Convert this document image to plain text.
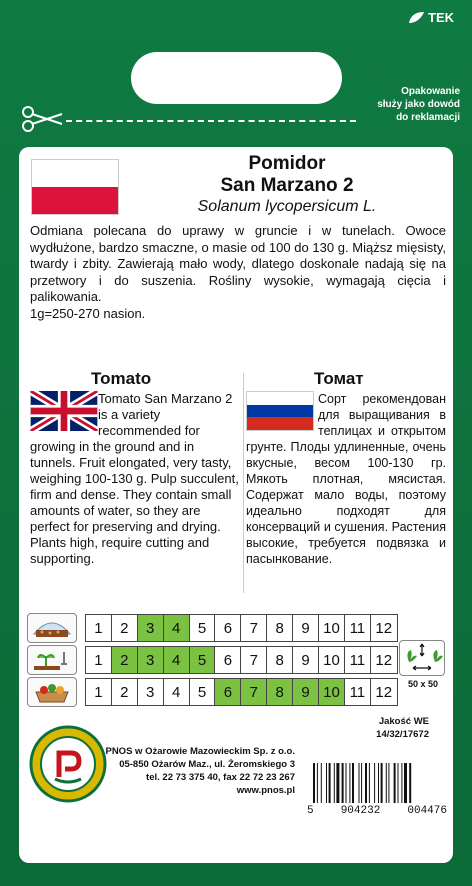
TEK
Opakowanie
służy jako dowód
do reklamacji
Pomidor
San Marzano 2
Solanum lycopersicum L.
Odmiana polecana do uprawy w gruncie i w tunelach. Owoce wydłużone, bardzo smaczne, o masie od 100 do 130 g. Miąższ mięsisty, twardy i zbity. Zawierają mało wody, dlatego doskonale nadają się na przetwory i do suszenia. Rośliny wysokie, wymagają cięcia i palikowania.
1g=250-270 nasion.
Tomato	Томат
Tomato San Marzano 2 is a variety recommended for growing in the ground and in tunnels. Fruit elongated, very tasty, weighing 100-130 g. Pulp succulent, firm and dense. They contain small amounts of water, so they are perfect for preserving and drying. Plants high, require cutting and supporting.
Сорт рекомендован для выращивания в теплицах и открытом грунте. Плоды удлиненные, очень вкусные, весом 100-130 гр. Мякоть плотная, мясистая. Содержат мало воды, поэтому идеально подходят для консерваций и сушения. Растения высокие, требуется подвязка и пасынкование.
1	2	3	4	5	6	7	8	9 10 11 12
1	2	3	4	5	6	7	8	9 10 11 12
1	2	3	4	5	6	7	8	9 10 11 12	50 x 50
Jakość WE
14/32/17672
PNOS w Ożarowie Mazowieckim Sp. z o.o.
05-850 Ożarów Maz., ul. Żeromskiego 3
tel. 22 73 375 40, fax 22 72 23 267
www.pnos.pl
5 904232 004476
